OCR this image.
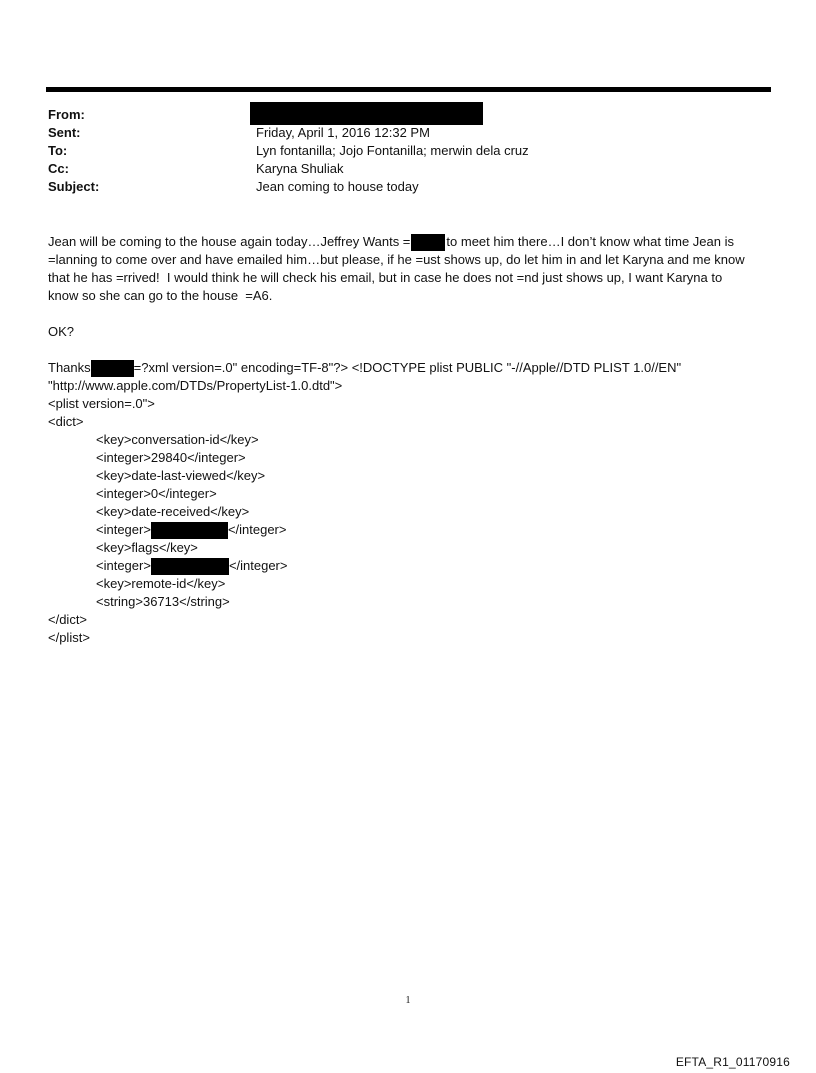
From:
Sent:	Friday, April 1, 2016 12:32 PM
To:	Lyn fontanilla; Jojo Fontanilla; merwin dela cruz
Cc:	Karyna Shuliak
Subject:	Jean coming to house today
Jean will be coming to the house again today…Jeffrey Wants =	to meet him there…I don’t know what time Jean is
=lanning to come over and have emailed him…but please, if he =ust shows up, do let him in and let Karyna and me know
that he has =rrived!  I would think he will check his email, but in case he does not =nd just shows up, I want Karyna to
know so she can go to the house  =A6.
OK?
Thanks	=?xml version=.0" encoding=TF-8"?> <!DOCTYPE plist PUBLIC "-//Apple//DTD PLIST 1.0//EN"
"http://www.apple.com/DTDs/PropertyList-1.0.dtd">
<plist version=.0">
<dict>
<key>conversation-id</key>
<integer>29840</integer>
<key>date-last-viewed</key>
<integer>0</integer>
<key>date-received</key>
<integer>	</integer>
<key>flags</key>
<integer>	</integer>
<key>remote-id</key>
<string>36713</string>
</dict>
</plist>
1
EFTA_R1_01170916
